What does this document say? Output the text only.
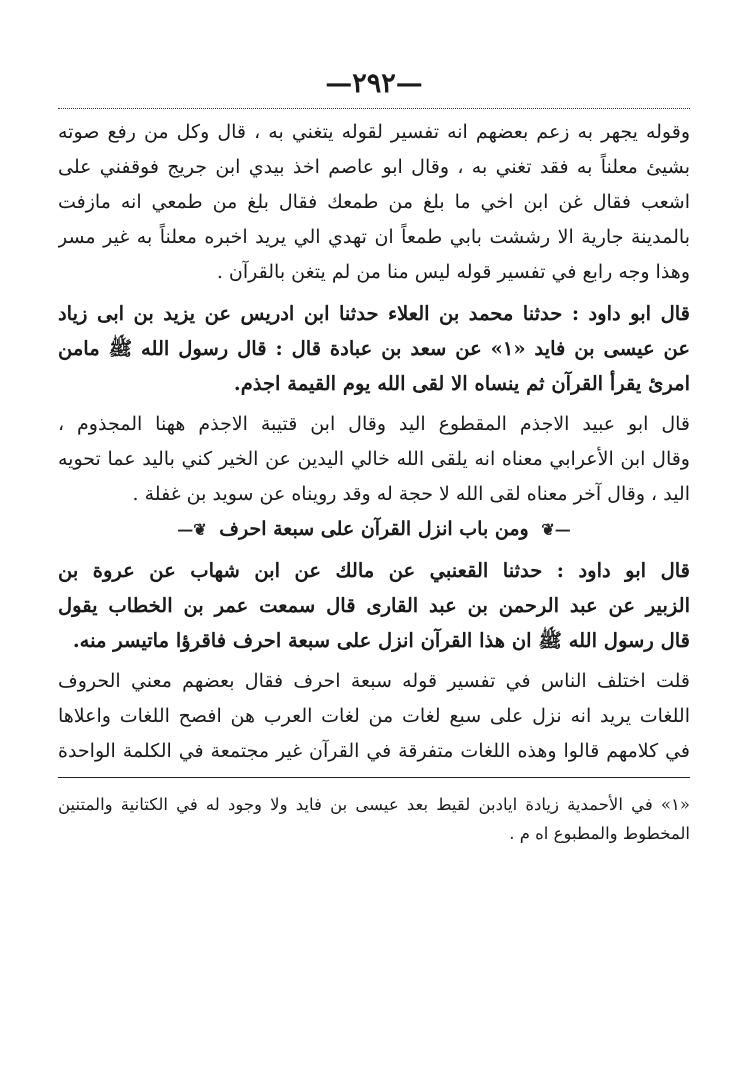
—٢٩٢—
وقوله يجهر به زعم بعضهم انه تفسير لقوله يتغني به ، قال وكل من رفع صوته
بشيئ معلناً به فقد تغني به ، وقال ابو عاصم اخذ بيدي ابن جريج فوقفني على
اشعب فقال غن ابن اخي ما بلغ من طمعك فقال بلغ من طمعي انه مازفت
بالمدينة جارية الا رششت بابي طمعاً ان تهدي الي يريد اخبره معلناً به غير مسر
وهذا وجه رابع في تفسير قوله ليس منا من لم يتغن بالقرآن .
قال ابو داود : حدثنا محمد بن العلاء حدثنا ابن ادريس عن يزيد بن ابى زياد
عن عيسى بن فايد «١» عن سعد بن عبادة قال : قال رسول الله ﷺ مامن
امرئ يقرأ القرآن ثم ينساه الا لقى الله يوم القيمة اجذم.
قال ابو عبيد الاجذم المقطوع اليد وقال ابن قتيبة الاجذم ههنا المجذوم ،
وقال ابن الأعرابي معناه انه يلقى الله خالي اليدين عن الخير كني باليد عما تحويه
اليد ، وقال آخر معناه لقى الله لا حجة له وقد رويناه عن سويد بن غفلة .
—❦ ومن باب انزل القرآن على سبعة احرف ❦—
قال ابو داود : حدثنا القعنبي عن مالك عن ابن شهاب عن عروة بن
الزبير عن عبد الرحمن بن عبد القارى قال سمعت عمر بن الخطاب يقول
قال رسول الله ﷺ ان هذا القرآن انزل على سبعة احرف فاقرؤا ماتيسر منه.
قلت اختلف الناس في تفسير قوله سبعة احرف فقال بعضهم معني الحروف
اللغات يريد انه نزل على سبع لغات من لغات العرب هن افصح اللغات واعلاها
في كلامهم قالوا وهذه اللغات متفرقة في القرآن غير مجتمعة في الكلمة الواحدة
«١» في الأحمدية زيادة ايادبن لقيط بعد عيسى بن فايد ولا وجود له في الكتانية والمتنين
المخطوط والمطبوع اه م .
